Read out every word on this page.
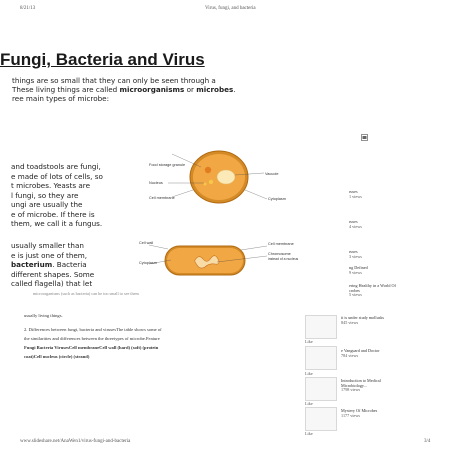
8/21/13	Virus, fungi, and bacteria
Fungi, Bacteria and Virus
things are so small that they can only be seen through a
These living things are called microorganisms or microbes.
ree main types of microbe:
and toadstools are fungi,
e made of lots of cells, so
t microbes. Yeasts are
l fungi, so they are
ungi are usually the
e of microbe. If there is
them, we call it a fungus.
Food storage granule
Nucleus
Cell membrane
Vacuole
Cytoplasm
usually smaller than
e is just one of them,
bacterium. Bacteria
different shapes. Some
called flagella) that let
Cell wall
Cytoplasm
Cell membrane
Chromosome
instead of a nucleus
microorganisms (such as bacteria) can be too small to see them
usually living things.
2. Differences between fungi, bacteria and virusesThe table shows some of
the similarities and differences between the threetypes of microbe.Feature
Fungi Bacteria VirusesCell membraneCell wall (hard) (soft) (protein
coat)Cell nucleus (circle) (strand)
ruses
1 views
ruses
4 views
ruses
3 views
ng Defined
9 views
ering Healthy in a World Of
crobes
5 views
it is under study mollusks
845 views
Like
e Vanguard and Doctor
784 views
Like
Introduction to Medical
Microbiology...
1798 views
Like
Mystery Of Microbes
1177 views
Like
www.slideshare.net/AnaWen1/virus-fungi-and-bacteria	3/4
